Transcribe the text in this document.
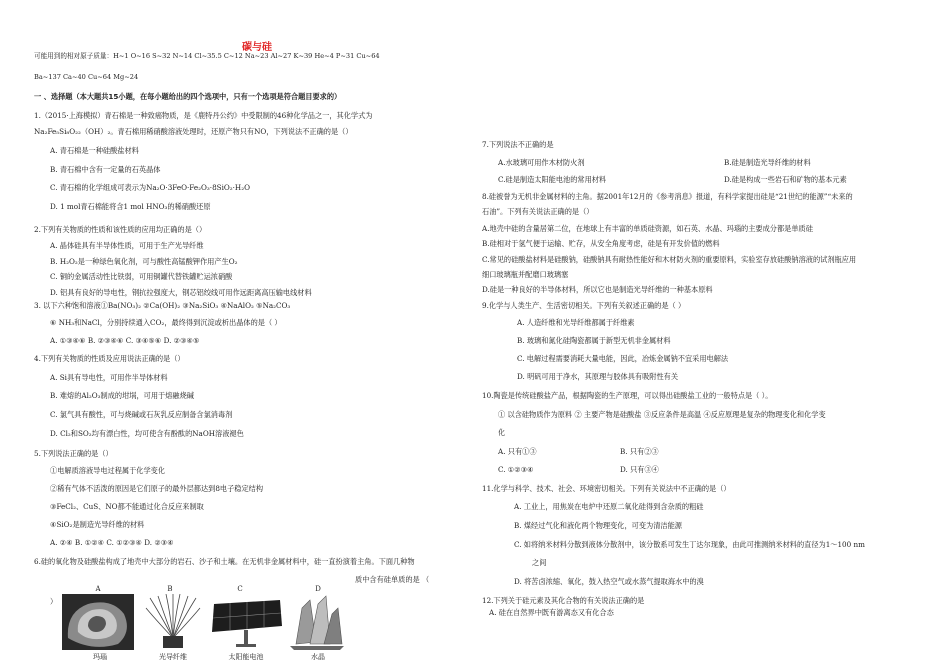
碳与硅
可能用到的相对原子质量：H~1 O~16 S~32 N~14 Cl~35.5 C~12 Na~23 Al~27 K~39 He~4 P~31 Cu~64
Ba~137 Ca~40 Cu~64 Mg~24
一 、选择题（本大题共15小题，在每小题给出的四个选项中，只有一个选项是符合题目要求的）
1.（2015·上海模拟）青石棉是一种致癌物质，是《鹿特丹公约》中受限制的46种化学品之一，其化学式为
Na₂Fe₅Si₈O₂₂（OH）₂。青石棉用稀硝酸溶液处理时，还原产物只有NO，下列说法不正确的是（）
A. 青石棉是一种硅酸盐材料
B. 青石棉中含有一定量的石英晶体
C. 青石棉的化学组成可表示为Na₂O·3FeO·Fe₂O₃·8SiO₂·H₂O
D. 1 mol青石棉能将含1 mol HNO₃的稀硝酸还原
2.下列有关物质的性质和该性质的应用均正确的是（）
A. 晶体硅具有半导体性质，可用于生产光导纤维
B. H₂O₂是一种绿色氧化剂，可与酸性高锰酸钾作用产生O₂
C. 铜的金属活动性比铁弱，可用铜罐代替铁罐贮运浓硝酸
D. 铝具有良好的导电性，钢抗拉强度大，钢芯铝绞线可用作远距离高压输电线材料
3. 以下六种饱和溶液①Ba(NO₃)₂ ②Ca(OH)₂ ③Na₂SiO₃ ④NaAlO₂ ⑤Na₂CO₃
⑥ NH₃和NaCl，分别持续通入CO₂，最终得到沉淀或析出晶体的是（ ）
A. ①③④⑥ B. ②③④⑥ C. ③④⑤⑥ D. ②③④⑤
4.下列有关物质的性质及应用说法正确的是（）
A. Si具有导电性，可用作半导体材料
B. 难熔的Al₂O₃制成的坩埚，可用于熔融烧碱
C. 氯气具有酸性，可与烧碱或石灰乳反应制备含氯消毒剂
D. Cl₂和SO₂均有漂白性，均可使含有酚酞的NaOH溶液褪色
5.下列说法正确的是（）
①电解质溶液导电过程属于化学变化
②稀有气体不活泼的原因是它们原子的最外层都达到8电子稳定结构
③FeCl₂、CuS、NO都不能通过化合反应来制取
④SiO₂是制造光导纤维的材料
A. ②④ B. ①②④ C. ①②③④ D. ②③④
6.硅的氧化物及硅酸盐构成了地壳中大部分的岩石、沙子和土壤。在无机非金属材料中，硅一直扮演着主角。下面几种物
质中含有硅单质的是 （
）
A	B	C	D
玛瑙	光导纤维	太阳能电池	水晶
7.下列说法不正确的是
A.水玻璃可用作木材防火剂	B.硅是制造光导纤维的材料
C.硅是制造太阳能电池的常用材料	D.硅是构成一些岩石和矿物的基本元素
8.硅被誉为无机非金属材料的主角。据2001年12月的《参考消息》报道，有科学家提出硅是“21世纪的能源”“未来的
石油”。下列有关说法正确的是（）
A.地壳中硅的含量居第二位，在地球上有丰富的单质硅资源，如石英、水晶、玛瑙的主要成分都是单质硅
B.硅相对于氢气便于运输、贮存，从安全角度考虑，硅是有开发价值的燃料
C.常见的硅酸盐材料是硅酸钠，硅酸钠具有耐热性能好和木材防火剂的重要原料，实验室存放硅酸钠溶液的试剂瓶应用
细口玻璃瓶并配磨口玻璃塞
D.硅是一种良好的半导体材料，所以它也是制造光导纤维的一种基本原料
9.化学与人类生产、生活密切相关。下列有关叙述正确的是（ ）
A. 人造纤维和光导纤维都属于纤维素
B. 玻璃和氮化硅陶瓷都属于新型无机非金属材料
C. 电解过程需要消耗大量电能，因此，冶炼金属钠不宜采用电解法
D. 明矾可用于净水，其原理与胶体具有吸附性有关
10.陶瓷是传统硅酸盐产品，根据陶瓷的生产原理，可以得出硅酸盐工业的一般特点是（ ）。
① 以含硅物质作为原料 ② 主要产物是硅酸盐 ③反应条件是高温 ④反应原理是复杂的物理变化和化学变
化
A. 只有①③	B. 只有②③
C. ①②③④	D. 只有③④
11.化学与科学、技术、社会、环境密切相关。下列有关说法中不正确的是（）
A. 工业上，用焦炭在电炉中还原二氧化硅得到含杂质的粗硅
B. 煤经过气化和液化两个物理变化，可变为清洁能源
C. 如将纳米材料分散到液体分散剂中，该分散系可发生丁达尔现象，由此可推测纳米材料的直径为1～100 nm
之间
D. 将苦卤浓缩、氧化，鼓入热空气或水蒸气提取海水中的溴
12.下列关于硅元素及其化合物的有关说法正确的是
A. 硅在自然界中既有游离态又有化合态
